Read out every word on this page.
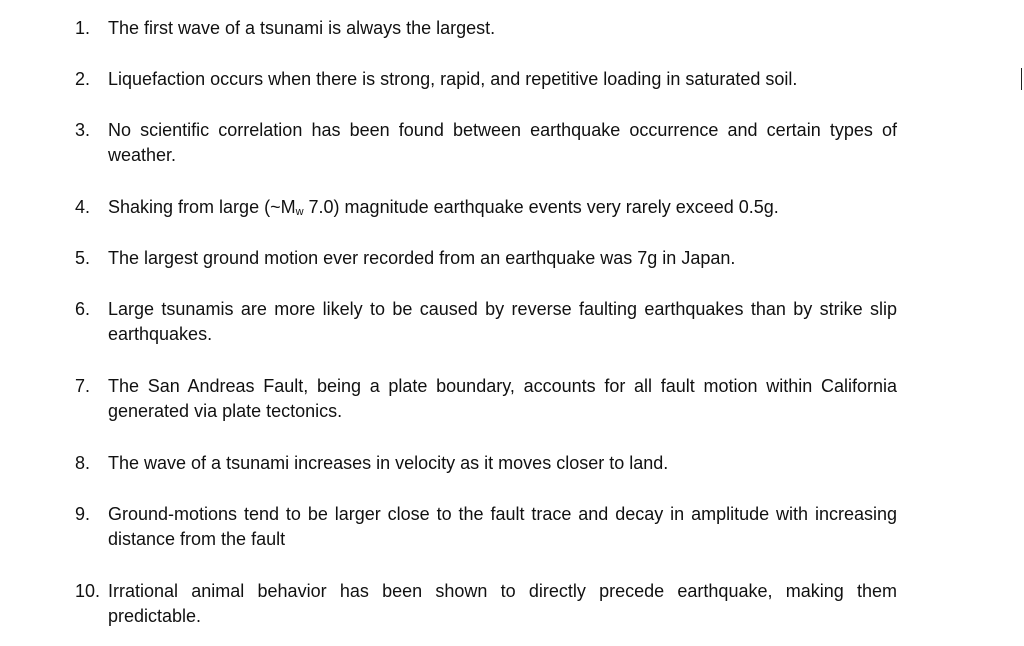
1. The first wave of a tsunami is always the largest.
2. Liquefaction occurs when there is strong, rapid, and repetitive loading in saturated soil.
3. No scientific correlation has been found between earthquake occurrence and certain types of weather.
4. Shaking from large (~Mw 7.0) magnitude earthquake events very rarely exceed 0.5g.
5. The largest ground motion ever recorded from an earthquake was 7g in Japan.
6. Large tsunamis are more likely to be caused by reverse faulting earthquakes than by strike slip earthquakes.
7. The San Andreas Fault, being a plate boundary, accounts for all fault motion within California generated via plate tectonics.
8. The wave of a tsunami increases in velocity as it moves closer to land.
9. Ground-motions tend to be larger close to the fault trace and decay in amplitude with increasing distance from the fault
10. Irrational animal behavior has been shown to directly precede earthquake, making them predictable.
